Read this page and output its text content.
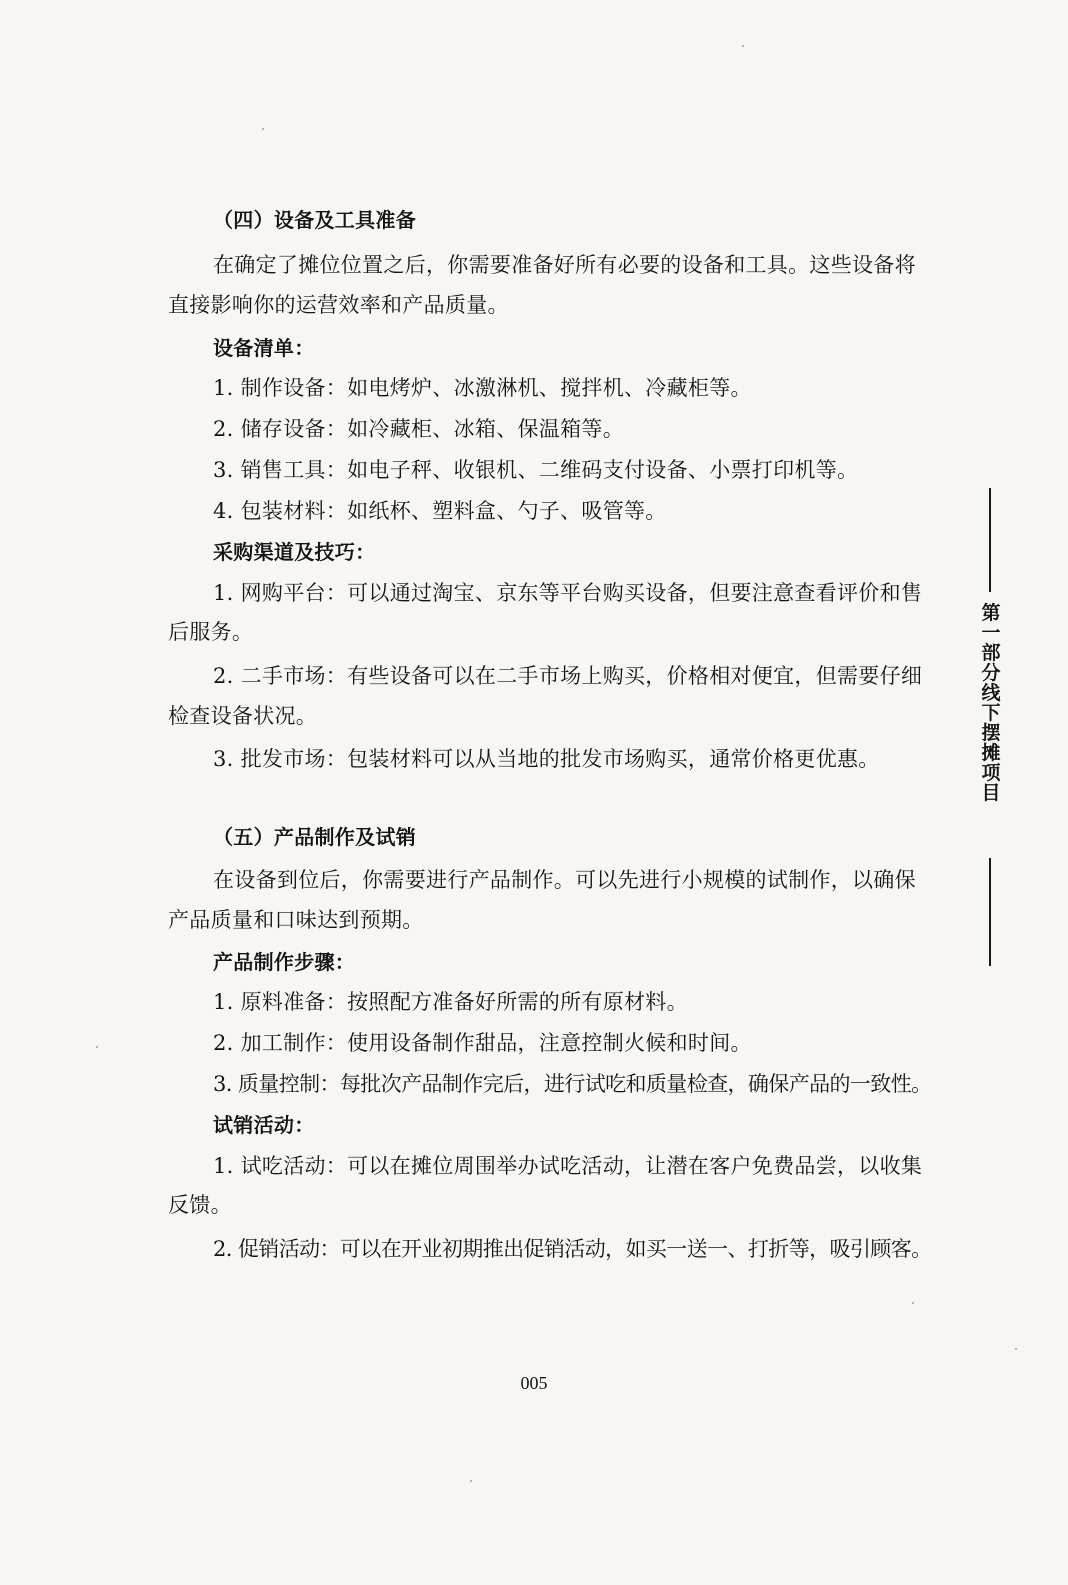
（四）设备及工具准备
在确定了摊位位置之后，你需要准备好所有必要的设备和工具。这些设备将
直接影响你的运营效率和产品质量。
设备清单：
1. 制作设备：如电烤炉、冰激淋机、搅拌机、冷藏柜等。
2. 储存设备：如冷藏柜、冰箱、保温箱等。
3. 销售工具：如电子秤、收银机、二维码支付设备、小票打印机等。
4. 包装材料：如纸杯、塑料盒、勺子、吸管等。
采购渠道及技巧：
1. 网购平台：可以通过淘宝、京东等平台购买设备，但要注意查看评价和售
后服务。
2. 二手市场：有些设备可以在二手市场上购买，价格相对便宜，但需要仔细
检查设备状况。
3. 批发市场：包装材料可以从当地的批发市场购买，通常价格更优惠。
（五）产品制作及试销
在设备到位后，你需要进行产品制作。可以先进行小规模的试制作，以确保
产品质量和口味达到预期。
产品制作步骤：
1. 原料准备：按照配方准备好所需的所有原材料。
2. 加工制作：使用设备制作甜品，注意控制火候和时间。
3. 质量控制：每批次产品制作完后，进行试吃和质量检查，确保产品的一致性。
试销活动：
1. 试吃活动：可以在摊位周围举办试吃活动，让潜在客户免费品尝，以收集
反馈。
2. 促销活动：可以在开业初期推出促销活动，如买一送一、打折等，吸引顾客。
第一部分 线下摆摊项目
005
